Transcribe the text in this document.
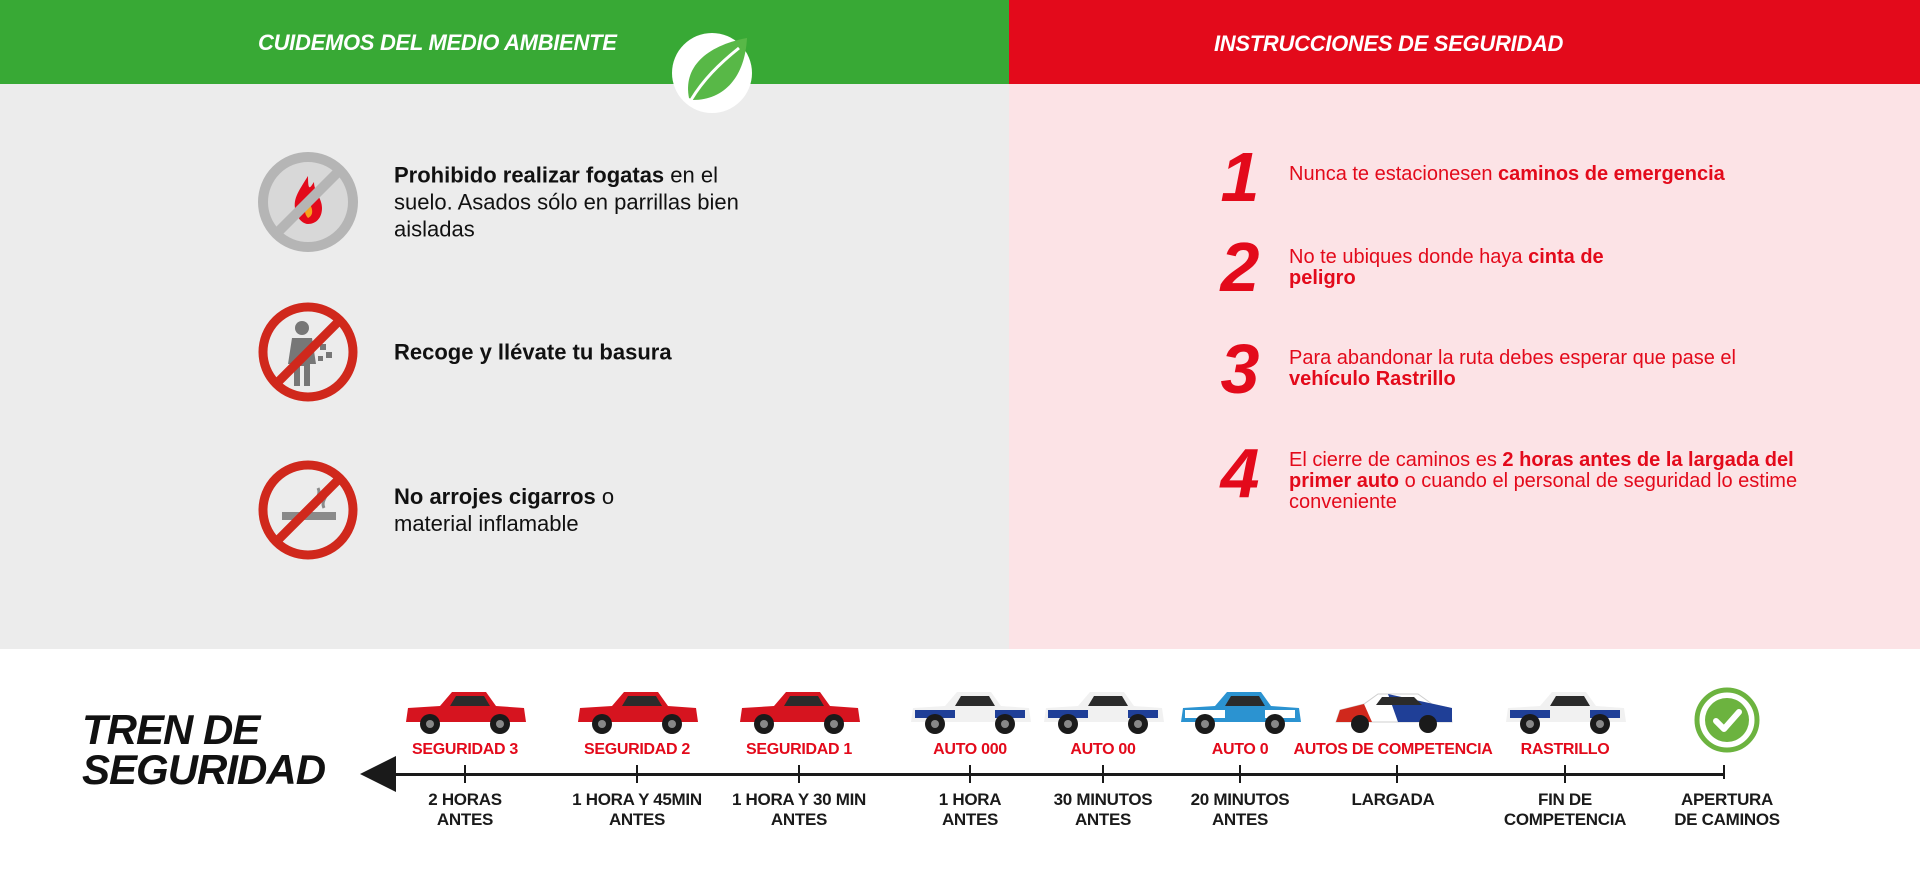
CUIDEMOS DEL MEDIO AMBIENTE
Prohibido realizar fogatas en el suelo. Asados sólo en parrillas bien aisladas
Recoge y llévate tu basura
No arrojes cigarros o material inflamable
INSTRUCCIONES DE SEGURIDAD
1	Nunca te estacionesen caminos de emergencia
2	No te ubiques donde haya cinta de peligro
3	Para abandonar la ruta debes esperar que pase el vehículo Rastrillo
4	El cierre de caminos es 2 horas antes de la largada del primer auto o cuando el personal de seguridad lo estime conveniente
TREN DE
SEGURIDAD	SEGURIDAD 3
2 HORAS
ANTES
SEGURIDAD 2
1 HORA Y 45MIN
ANTES
SEGURIDAD 1
1 HORA Y 30 MIN
ANTES
AUTO 000
1 HORA
ANTES
AUTO 00
30 MINUTOS
ANTES
AUTO 0
20 MINUTOS
ANTES
AUTOS DE COMPETENCIA
LARGADA
RASTRILLO
FIN DE
COMPETENCIA
APERTURA
DE CAMINOS
